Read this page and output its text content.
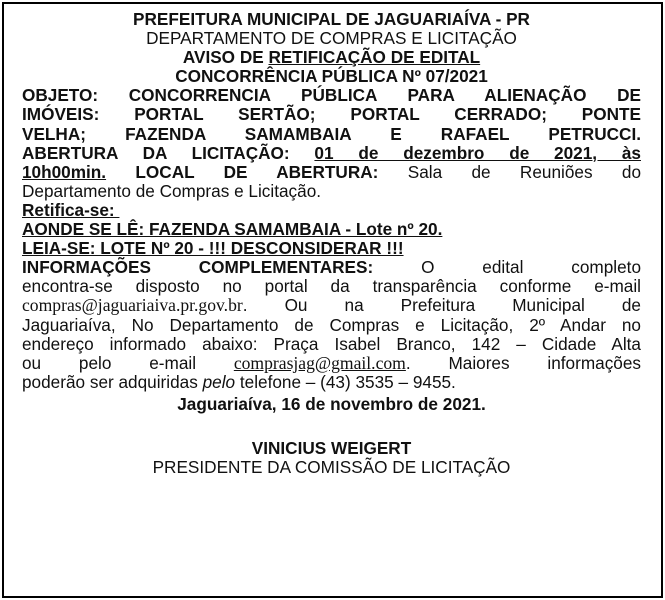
PREFEITURA MUNICIPAL DE JAGUARIAÍVA - PR

DEPARTAMENTO DE COMPRAS E LICITAÇÃO

AVISO DE RETIFICAÇÃO DE EDITAL

CONCORRÊNCIA PÚBLICA Nº 07/2021

OBJETO: CONCORRENCIA PÚBLICA PARA ALIENAÇÃO DE

IMÓVEIS: PORTAL SERTÃO; PORTAL CERRADO; PONTE

VELHA; FAZENDA SAMAMBAIA E RAFAEL PETRUCCI.

ABERTURA DA LICITAÇÃO: 01 de dezembro de 2021, às

10h00min. LOCAL DE ABERTURA: Sala de Reuniões do

Departamento de Compras e Licitação.

Retifica-se:

AONDE SE LÊ: FAZENDA SAMAMBAIA - Lote nº 20.

LEIA-SE: LOTE Nº 20 - !!! DESCONSIDERAR !!!

INFORMAÇÕES COMPLEMENTARES: O edital completo

encontra-se disposto no portal da transparência conforme e-mail

compras@jaguariaiva.pr.gov.br. Ou na Prefeitura Municipal de

Jaguariaíva, No Departamento de Compras e Licitação, 2º Andar no

endereço informado abaixo: Praça Isabel Branco, 142 – Cidade Alta

ou pelo e-mail comprasjag@gmail.com. Maiores informações

poderão ser adquiridas pelo telefone – (43) 3535 – 9455.

Jaguariaíva, 16 de novembro de 2021.

VINICIUS WEIGERT

PRESIDENTE DA COMISSÃO DE LICITAÇÃO
